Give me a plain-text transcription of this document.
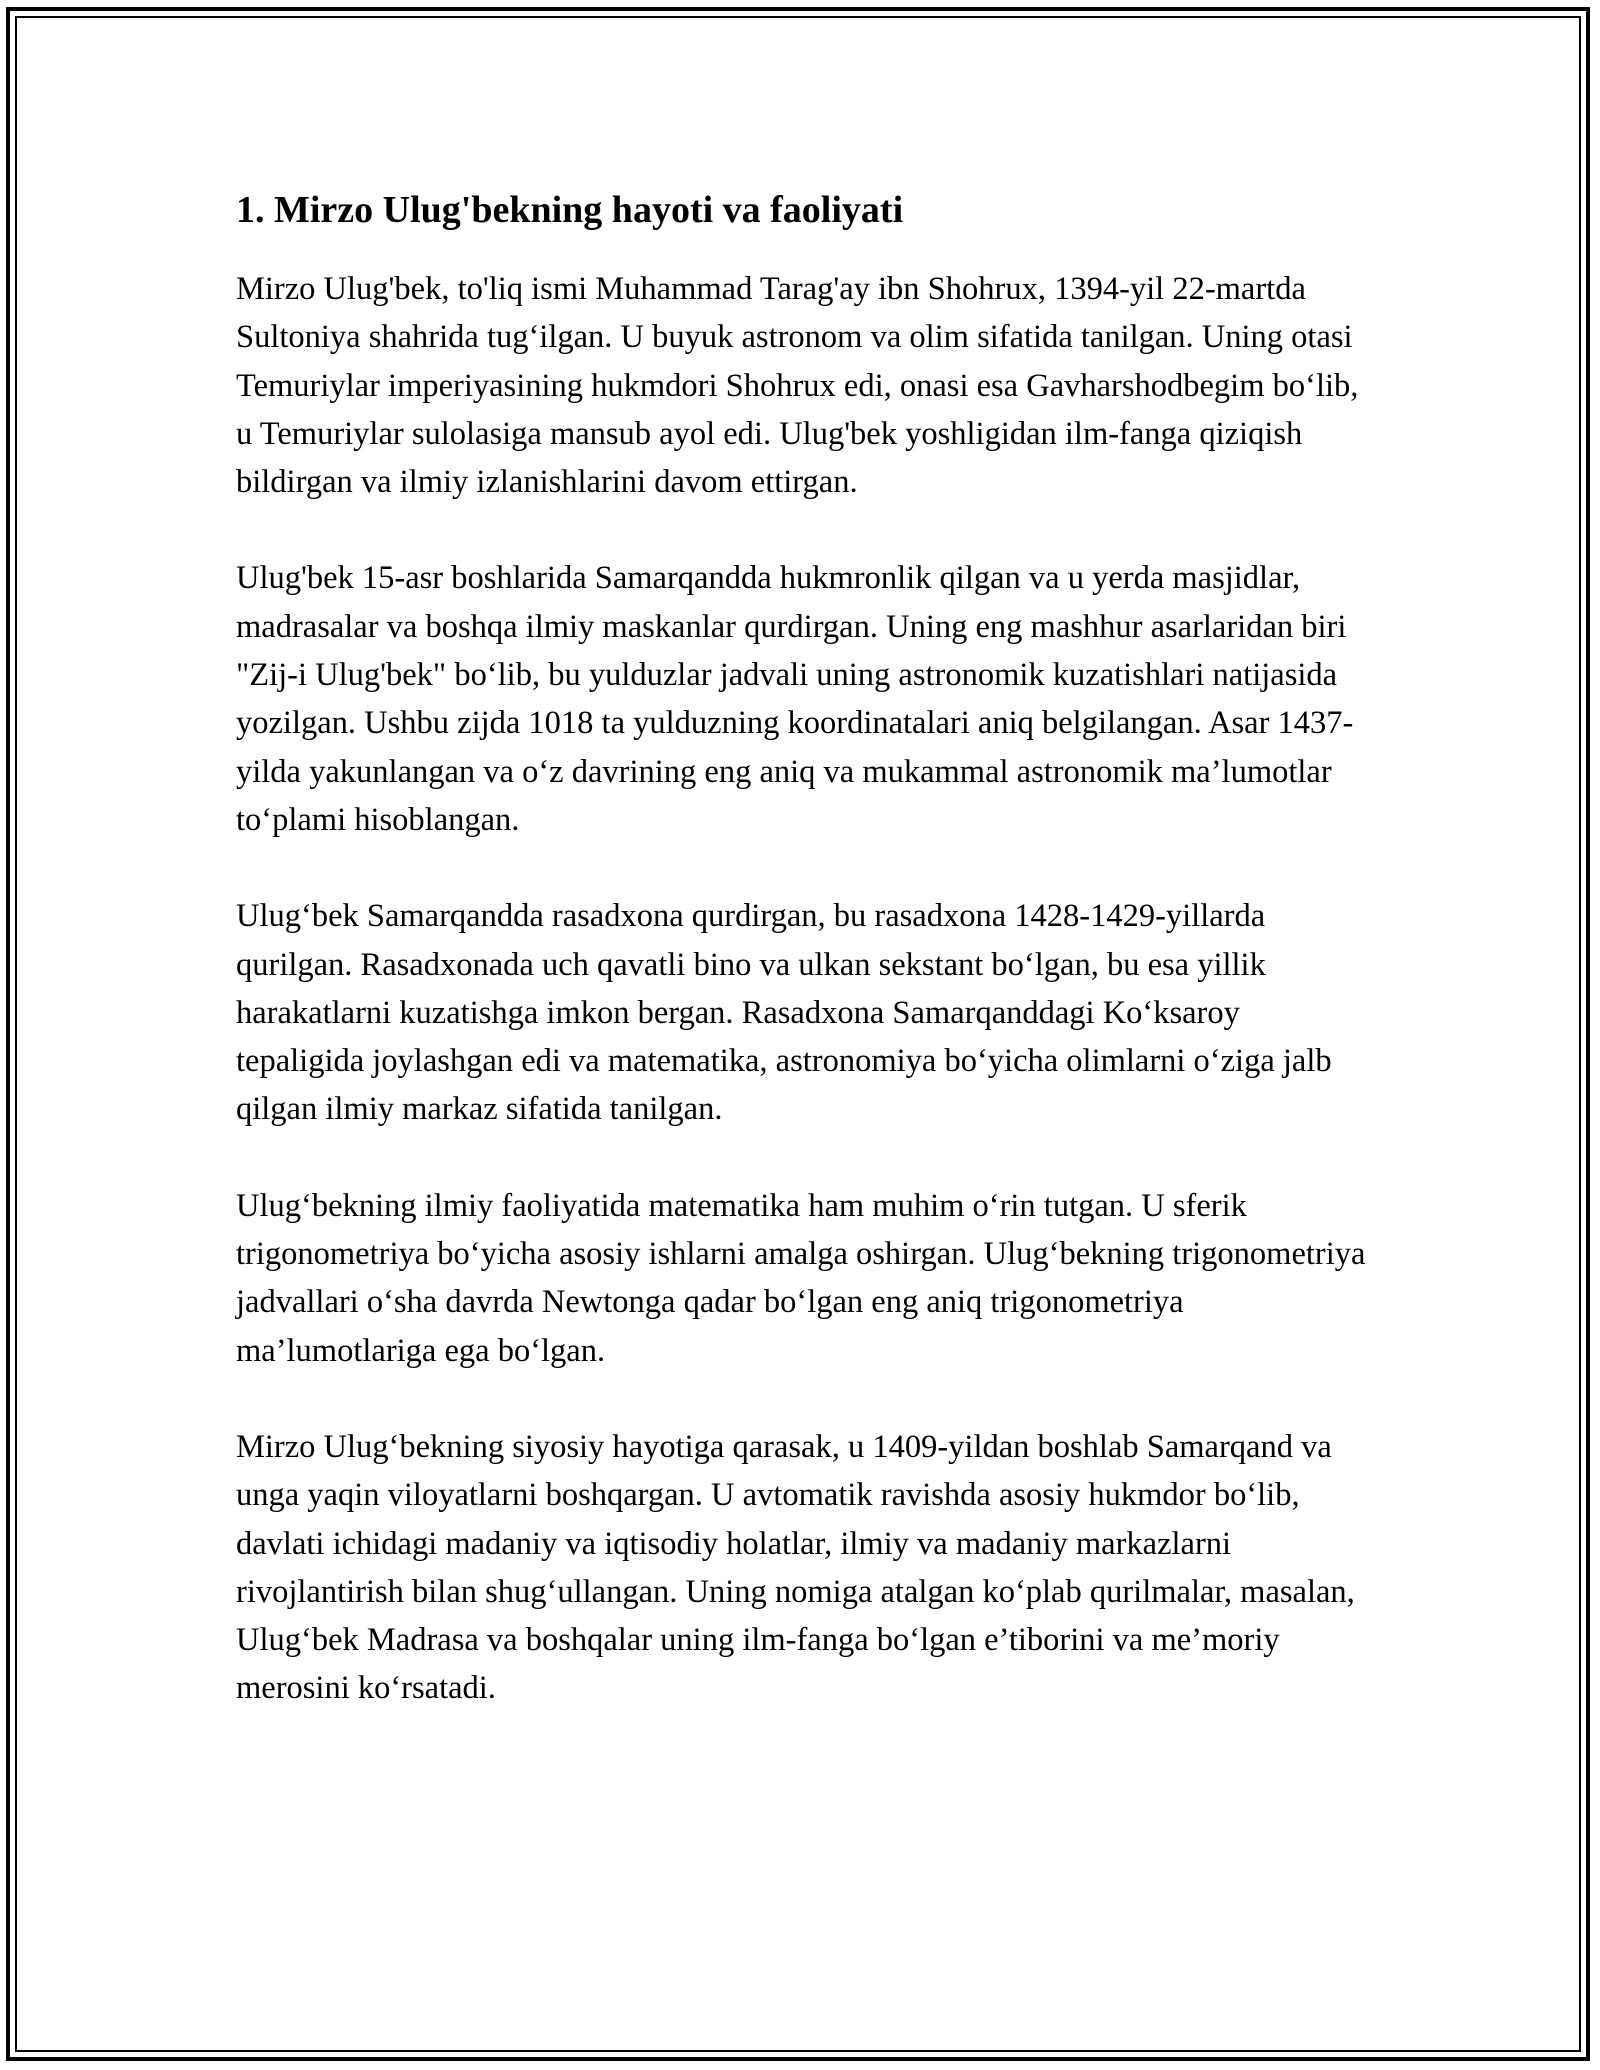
1. Mirzo Ulug'bekning hayoti va faoliyati

Mirzo Ulug'bek, to'liq ismi Muhammad Tarag'ay ibn Shohrux, 1394-yil 22-martda Sultoniya shahrida tug‘ilgan. U buyuk astronom va olim sifatida tanilgan. Uning otasi Temuriylar imperiyasining hukmdori Shohrux edi, onasi esa Gavharshodbegim bo‘lib, u Temuriylar sulolasiga mansub ayol edi. Ulug'bek yoshligidan ilm-fanga qiziqish bildirgan va ilmiy izlanishlarini davom ettirgan.

Ulug'bek 15-asr boshlarida Samarqandda hukmronlik qilgan va u yerda masjidlar, madrasalar va boshqa ilmiy maskanlar qurdirgan. Uning eng mashhur asarlaridan biri "Zij-i Ulug'bek" bo‘lib, bu yulduzlar jadvali uning astronomik kuzatishlari natijasida yozilgan. Ushbu zijda 1018 ta yulduzning koordinatalari aniq belgilangan. Asar 1437-yilda yakunlangan va o‘z davrining eng aniq va mukammal astronomik ma’lumotlar to‘plami hisoblangan.

Ulug‘bek Samarqandda rasadxona qurdirgan, bu rasadxona 1428-1429-yillarda qurilgan. Rasadxonada uch qavatli bino va ulkan sekstant bo‘lgan, bu esa yillik harakatlarni kuzatishga imkon bergan. Rasadxona Samarqanddagi Ko‘ksaroy tepaligida joylashgan edi va matematika, astronomiya bo‘yicha olimlarni o‘ziga jalb qilgan ilmiy markaz sifatida tanilgan.

Ulug‘bekning ilmiy faoliyatida matematika ham muhim o‘rin tutgan. U sferik trigonometriya bo‘yicha asosiy ishlarni amalga oshirgan. Ulug‘bekning trigonometriya jadvallari o‘sha davrda Newtonga qadar bo‘lgan eng aniq trigonometriya ma’lumotlariga ega bo‘lgan.

Mirzo Ulug‘bekning siyosiy hayotiga qarasak, u 1409-yildan boshlab Samarqand va unga yaqin viloyatlarni boshqargan. U avtomatik ravishda asosiy hukmdor bo‘lib, davlati ichidagi madaniy va iqtisodiy holatlar, ilmiy va madaniy markazlarni rivojlantirish bilan shug‘ullangan. Uning nomiga atalgan ko‘plab qurilmalar, masalan, Ulug‘bek Madrasa va boshqalar uning ilm-fanga bo‘lgan e’tiborini va me’moriy merosini ko‘rsatadi.
